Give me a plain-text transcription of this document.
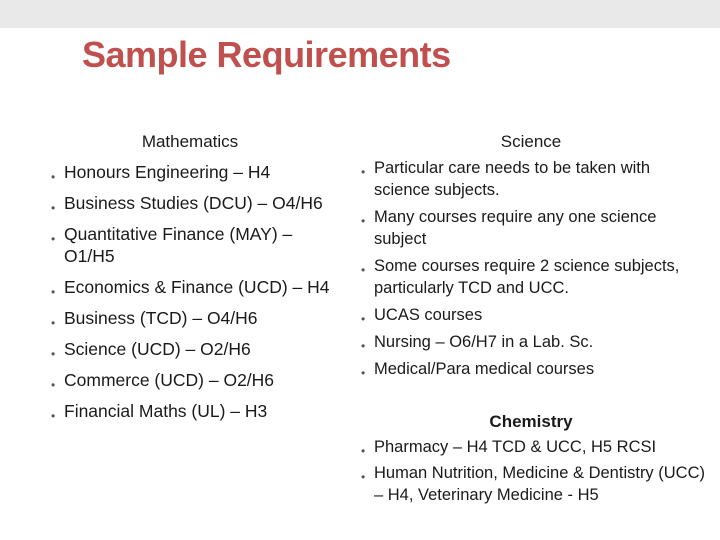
Sample Requirements

Mathematics

• Honours Engineering – H4
• Business Studies (DCU) – O4/H6
• Quantitative Finance (MAY) – O1/H5
• Economics & Finance (UCD) – H4
• Business (TCD) – O4/H6
• Science (UCD) – O2/H6
• Commerce (UCD) – O2/H6
• Financial Maths (UL) – H3

Science

• Particular care needs to be taken with science subjects.
• Many courses require any one science subject
• Some courses require 2 science subjects, particularly TCD and UCC.
• UCAS courses
• Nursing – O6/H7 in a Lab. Sc.
• Medical/Para medical courses

Chemistry

• Pharmacy – H4 TCD & UCC, H5 RCSI
• Human Nutrition, Medicine & Dentistry (UCC) – H4, Veterinary Medicine - H5
